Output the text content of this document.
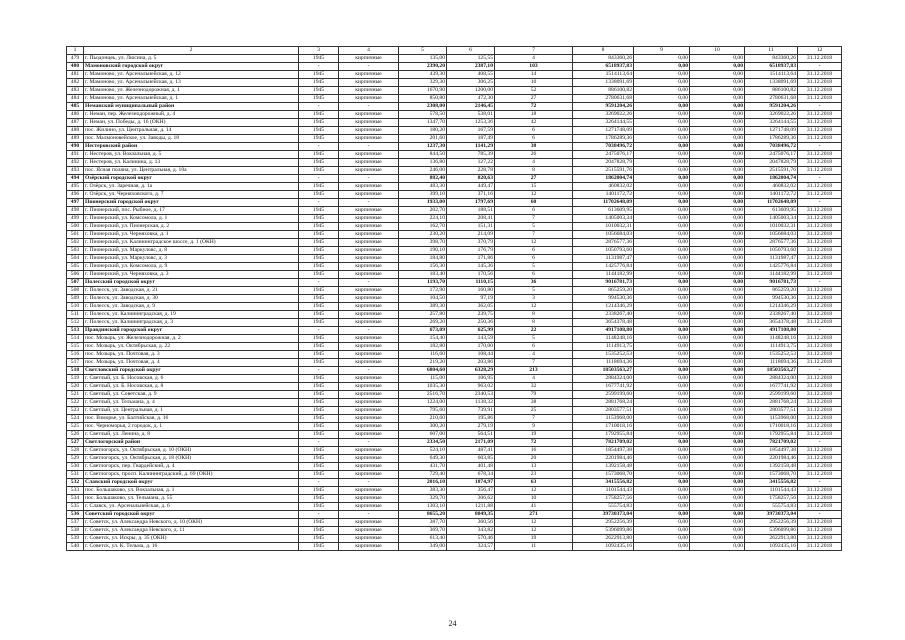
1	2	3	4	5	6	7	8	9	10	11	12
479	г. Пьодонцеь, ул. Люсина, д. 5	1945	кирпичные	135,00	125,55	4	843360,26	0,00	0,00	843360,26	31.12.2018
480	Мамоновский городской округ	-	-	2390,20	2387,10	103	6518937,83	0,00	0,00	6518937,83	-
481	г. Мамоново, ул. Арсенальнейская, д. 12	1945	кирпичные	439,30	408,55	14	1514113,64	0,00	0,00	1514113,64	31.12.2018
482	г. Мамоново, ул. Арсенальнейская, д. 13	1945	кирпичные	329,30	306,25	10	1338091,69	0,00	0,00	1338091,69	31.12.2018
483	г. Мамоново, ул. Железнодорожная, д. 1	1945	кирпичные	1670,90	1200,00	52	886100,82	0,00	0,00	886100,82	31.12.2018
484	г. Мамоново, ул. Арсенальнейская, д. 1	1945	кирпичные	850,80	472,30	27	2780631,68	0,00	0,00	2780631,68	31.12.2018
485	Неманский муниципальный район	-	-	2308,00	2146,45	72	9591204,26	0,00	0,00	9591204,26	-
486	г. Неман, пер. Железнодорожный, д. 4	1945	кирпичные	578,50	538,01	18	3269022,26	0,00	0,00	3269022,26	31.12.2018
487	г. Неман, ул. Победы, д. 16 (ОКН)	1945	кирпичные	1347,70	1253,36	42	3264144,55	0,00	0,00	3264144,55	31.12.2018
488	пос. Жилино, ул. Центральная, д. 14	1945	кирпичные	180,20	167,59	6	1271748,09	0,00	0,00	1271748,09	31.12.2018
489	пос. Малмоновейское, ул. Заводы, д. 18	1945	кирпичные	201,60	187,49	6	1786289,36	0,00	0,00	1786289,36	31.12.2018
490	Нестеровский район	-	-	1237,30	1141,29	38	7038496,72	0,00	0,00	7038496,72	-
491	г. Нестеров, ул. Вокзальная, д. 5	1945	кирпичные	844,50	785,39	26	2475076,17	0,00	0,00	2475076,17	31.12.2018
492	г. Нестеров, ул. Калинина, д. 13	1945	кирпичные	136,80	127,22	4	2047828,79	0,00	0,00	2047828,79	31.12.2018
493	пос. Ясная поляна, ул. Центральная, д. 10а	1945	кирпичные	246,00	228,78	8	2515591,76	0,00	0,00	2515591,76	31.12.2018
494	Озёрский городской округ	-	-	882,40	820,63	27	1862004,74	0,00	0,00	1862004,74	-
495	г. Озёрск, ул. Заречная, д. 1а	1945	кирпичные	483,30	449,47	15	460832,02	0,00	0,00	460832,02	31.12.2018
496	г. Озёрск, ул. Черняховского, д. 7	1945	кирпичные	399,10	371,16	12	1401172,72	0,00	0,00	1401172,72	31.12.2018
497	Пионерский городской округ	-	-	1933,00	1797,69	60	11702648,09	0,00	0,00	11702648,09	-
498	г. Пионерский, пос. Рыбное, д. 17	1945	кирпичные	202,70	188,51	6	613609,95	0,00	0,00	613609,95	31.12.2018
499	г. Пионерский, ул. Комсомола, д. 1	1945	кирпичные	224,10	208,41	7	1405003,34	0,00	0,00	1405003,34	31.12.2018
500	г. Пионерский, ул. Пионерская, д. 2	1945	кирпичные	162,70	151,31	5	1010032,31	0,00	0,00	1010032,31	31.12.2018
501	г. Пионерский, ул. Черняховка, д. 1	1945	кирпичные	230,20	214,09	7	1056684,03	0,00	0,00	1056684,03	31.12.2018
502	г. Пионерский, ул. Калининградское шоссе, д. 1 (ОКН)	1945	кирпичные	398,70	370,79	12	2876577,36	0,00	0,00	2876577,36	31.12.2018
503	г. Пионерский, ул. Маркуловс, д. 8	1945	кирпичные	190,10	176,79	6	1050793,60	0,00	0,00	1050793,60	31.12.2018
504	г. Пионерский, ул. Маркуловс, д. 3	1945	кирпичные	184,80	171,86	6	1131987,47	0,00	0,00	1131987,47	31.12.2018
505	г. Пионерский, ул. Комсомола, д. 9	1945	кирпичные	156,30	145,36	5	1425776,84	0,00	0,00	1425776,84	31.12.2018
506	г. Пионерский, ул. Черняховка, д. 3	1945	кирпичные	183,40	170,56	6	1144182,99	0,00	0,00	1144182,99	31.12.2018
507	Полесский городской округ	-	-	1193,70	1110,15	36	9016781,73	0,00	0,00	9016781,73	-
508	г. Полесск, ул. Заводская, д. 21	1945	кирпичные	172,90	160,80	5	865259,20	0,00	0,00	865259,20	31.12.2018
509	г. Полесск, ул. Заводская, д. 30	1945	кирпичные	104,50	97,19	3	994530,36	0,00	0,00	994530,36	31.12.2018
510	г. Полесск, ул. Заводская, д. 9	1945	кирпичные	389,30	362,05	12	1214346,29	0,00	0,00	1214346,29	31.12.2018
511	г. Полесск, ул. Калининградская, д. 19	1945	кирпичные	257,80	239,75	8	2338267,40	0,00	0,00	2338267,40	31.12.2018
512	г. Полесск, ул. Калининградская, д. 3	1945	кирпичные	269,20	250,36	8	3654378,48	0,00	0,00	3654378,48	31.12.2018
513	Правдинский городской округ	-	-	673,09	625,99	22	4917108,80	0,00	0,00	4917108,80	-
514	пос. Мозырь, ул. Железнодорожная, д. 2	1945	кирпичные	154,40	143,59	5	1148248,16	0,00	0,00	1148248,16	31.12.2018
515	пос. Мозырь, ул. Октябрьская, д. 22	1945	кирпичные	182,80	170,00	6	1114913,75	0,00	0,00	1114913,75	31.12.2018
516	пос. Мозырь, ул. Почтовая, д. 3	1945	кирпичные	116,60	108,44	4	1535252,53	0,00	0,00	1535252,53	31.12.2018
517	пос. Мозырь, ул. Почтовая, д. 4	1945	кирпичные	219,20	203,86	7	1118694,36	0,00	0,00	1118694,36	31.12.2018
518	Светловский городской округ	-	-	6804,60	6328,29	213	18503563,27	0,00	0,00	18503563,27	-
519	г. Светлый, ул. Б. Носовская, д. 6	1945	кирпичные	115,00	106,95	4	2884324,00	0,00	0,00	2884324,00	31.12.2018
520	г. Светлый, ул. Б. Носовская, д. 8	1945	кирпичные	1035,30	963,02	32	1677741,92	0,00	0,00	1677741,92	31.12.2018
521	г. Светлый, ул. Советская, д. 9	1945	кирпичные	2516,70	2340,53	79	2599199,60	0,00	0,00	2599199,60	31.12.2018
522	г. Светлый, ул. Тельмана, д. 4	1945	кирпичные	1224,00	1138,32	38	2881768,24	0,00	0,00	2881768,24	31.12.2018
523	г. Светлый, ул. Центральная, д. 1	1945	кирпичные	795,60	739,91	25	2803577,51	0,00	0,00	2803577,51	31.12.2018
524	пос. Взморье, ул. Балтийская, д. 16	1945	кирпичные	210,60	195,86	7	1153968,00	0,00	0,00	1153968,00	31.12.2018
525	пос. Черноморья, 2 городок, д. 1	1945	кирпичные	300,20	279,19	9	1710018,16	0,00	0,00	1710018,16	31.12.2018
526	г. Светлый, ул. Ленина, д. 8	1945	кирпичные	607,00	564,51	19	1792955,84	0,00	0,00	1792955,84	31.12.2018
527	Светлогорский район	-	-	2334,50	2171,09	72	7821709,02	0,00	0,00	7821709,02	-
528	г. Светлогорск, ул. Октябрьская, д. 10 (ОКН)	1945	кирпичные	524,10	487,41	16	1854497,38	0,00	0,00	1854497,38	31.12.2018
529	г. Светлогорск, ул. Октябрьская, д. 18 (ОКН)	1945	кирпичные	649,30	603,85	20	2201984,46	0,00	0,00	2201984,46	31.12.2018
530	г. Светлогорск, пер. Гвардейский, д. 4	1945	кирпичные	431,70	401,48	13	1392158,48	0,00	0,00	1392158,48	31.12.2018
531	г. Светлогорск, просп. Калининградский, д. 69 (ОКН)	1945	кирпичные	729,40	678,34	23	1573068,70	0,00	0,00	1573068,70	31.12.2018
532	Славский городской округ	-	-	2016,10	1874,97	63	3415556,82	0,00	0,00	3415556,82	-
533	пос. Большаково, ул. Вокзальная, д. 1	1945	кирпичные	383,30	356,47	12	1101544,43	0,00	0,00	1101544,43	31.12.2018
534	пос. Большаково, ул. Тельмана, д. 55	1945	кирпичные	329,70	306,62	10	1758257,56	0,00	0,00	1758257,56	31.12.2018
535	г. Славск, ул. Арсенальнейская, д. 6	1945	кирпичные	1303,10	1211,88	41	555754,83	0,00	0,00	555754,83	31.12.2018
536	Советский городской округ	-	-	8655,20	8049,35	271	39730373,04	0,00	0,00	39730373,04	-
537	г. Советск, ул. Александра Невского, д. 10 (ОКН)	1945	кирпичные	387,70	360,56	12	2952256,39	0,00	0,00	2952256,39	31.12.2018
538	г. Советск, ул. Александра Невского, д. 11	1945	кирпичные	369,70	343,82	12	5396099,86	0,00	0,00	5396099,86	31.12.2018
539	г. Советск, ул. Искры, д. 35 (ОКН)	1945	кирпичные	613,40	570,46	19	2622913,80	0,00	0,00	2622913,80	31.12.2018
540	г. Советск, ул. К. Тельма, д. 16	1945	кирпичные	349,00	324,57	11	1092435,16	0,00	0,00	1092435,16	31.12.2018
24
